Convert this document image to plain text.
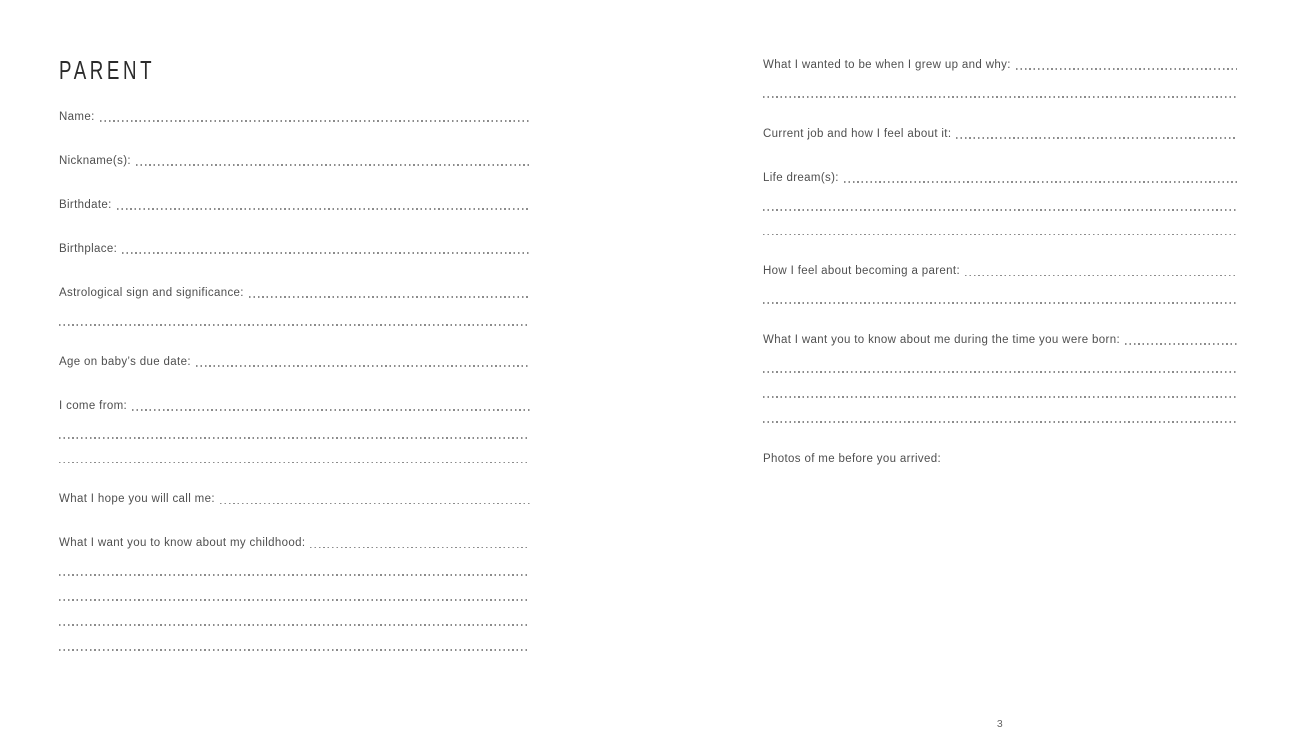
PARENT
Name:
Nickname(s):
Birthdate:
Birthplace:
Astrological sign and significance:
Age on baby’s due date:
I come from:
What I hope you will call me:
What I want you to know about my childhood:
What I wanted to be when I grew up and why:
Current job and how I feel about it:
Life dream(s):
How I feel about becoming a parent:
What I want you to know about me during the time you were born:
Photos of me before you arrived:
3
